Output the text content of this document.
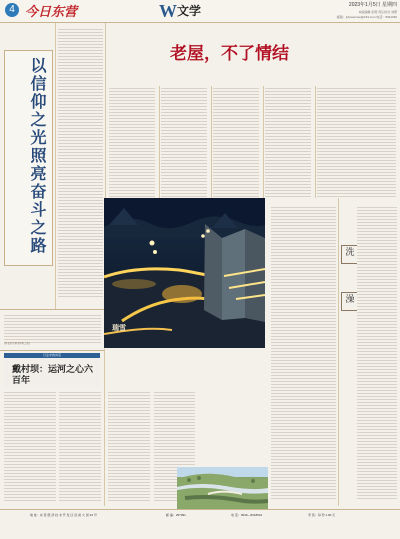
4 今日东营	W 文学	2023年1月5日 星期四
本版编辑 张明 责任校对 刘慧
邮箱：jrdywenxue@163.com 电话：8331330
以信仰之光照亮奋斗之路
老屋，不了情结
瑞雪
洗
澡
(作者系东营市作协会员)
行走中的风景
戴村坝：运河之心六百年
地 址：东 营 经 济 技 术 开 发 区 府 前 大 街 33 号	邮 编：257091	电 话：0546—8318010	零 售：每 份 1.00 元
